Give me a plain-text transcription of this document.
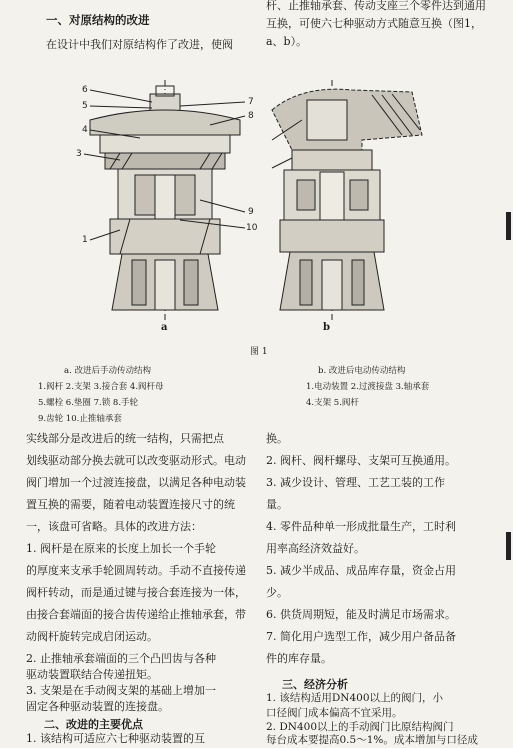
一、对原结构的改进
在设计中我们对原结构作了改进，使阀
杆、止推轴承套、传动支座三个零件达到通用
互换，可使六七种驱动方式随意互换（图1，
a、b）。
6
5
4
3
7
8
9
10
1
a	b
图 1
a. 改进后手动传动结构
1.阀杆 2.支架 3.接合套 4.阀杆母
5.螺栓 6.垫圈 7.锁 8.手轮
9.齿轮 10.止推轴承套
b. 改进后电动传动结构
1.电动装置 2.过渡接盘 3.轴承套
4.支架 5.阀杆
实线部分是改进后的统一结构，只需把点
划线驱动部分换去就可以改变驱动形式。电动
阀门增加一个过渡连接盘，以满足各种电动装
置互换的需要，随着电动装置连接尺寸的统
一，该盘可省略。具体的改进方法：
1. 阀杆是在原来的长度上加长一个手轮
的厚度来支承手轮圆周转动。手动不直接传递
阀杆转动，而是通过键与接合套连接为一体，
由接合套端面的接合齿传递给止推轴承套，带
动阀杆旋转完成启闭运动。
2. 止推轴承套端面的三个凸凹齿与各种
驱动装置联结合传递扭矩。
3. 支架是在手动阀支架的基础上增加一
固定各种驱动装置的连接盘。
二、改进的主要优点
1. 该结构可适应六七种驱动装置的互
换。
2. 阀杆、阀杆螺母、支架可互换通用。
3. 减少设计、管理、工艺工装的工作
量。
4. 零件品种单一形成批量生产，工时利
用率高经济效益好。
5. 减少半成品、成品库存量，资金占用
少。
6. 供货周期短，能及时满足市场需求。
7. 简化用户选型工作，减少用户备品备
件的库存量。
三、经济分析
1. 该结构适用DN400以上的阀门，小
口径阀门成本偏高不宜采用。
2. DN400以上的手动阀门比原结构阀门
每台成本要提高0.5～1%。成本增加与口径成
